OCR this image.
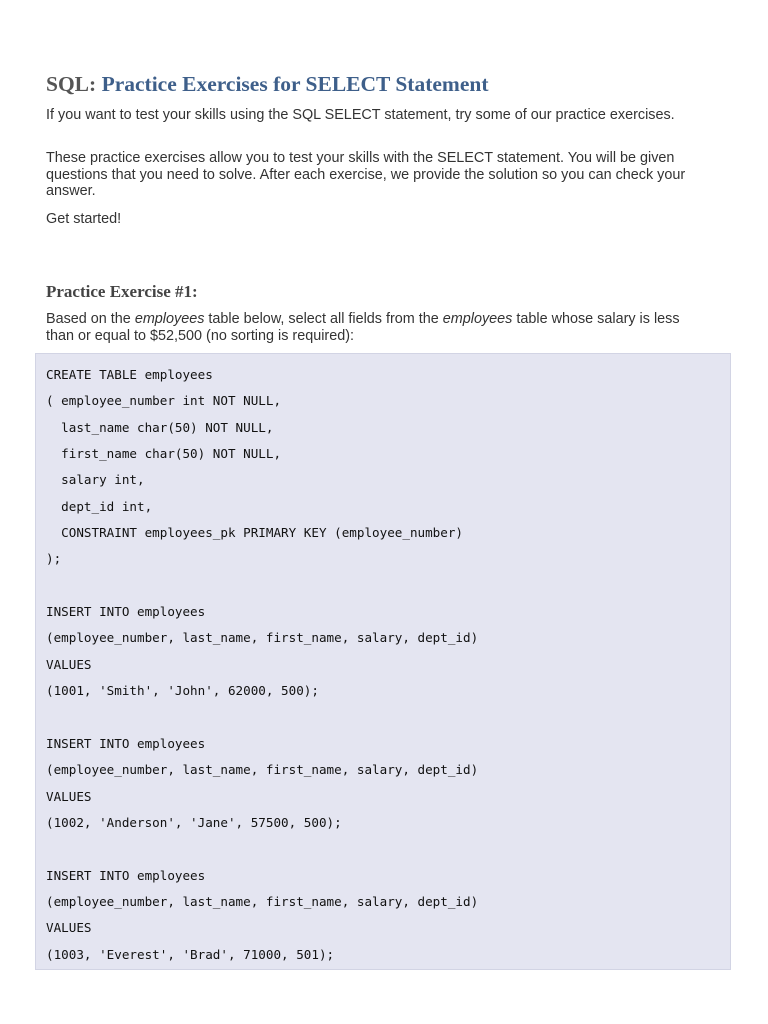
SQL: Practice Exercises for SELECT Statement

If you want to test your skills using the SQL SELECT statement, try some of our practice exercises.

These practice exercises allow you to test your skills with the SELECT statement. You will be given questions that you need to solve. After each exercise, we provide the solution so you can check your answer.

Get started!

Practice Exercise #1:

Based on the employees table below, select all fields from the employees table whose salary is less than or equal to $52,500 (no sorting is required):

CREATE TABLE employees
( employee_number int NOT NULL,
last_name char(50) NOT NULL,
first_name char(50) NOT NULL,
salary int,
dept_id int,
CONSTRAINT employees_pk PRIMARY KEY (employee_number)
);
INSERT INTO employees
(employee_number, last_name, first_name, salary, dept_id)
VALUES
(1001, 'Smith', 'John', 62000, 500);
INSERT INTO employees
(employee_number, last_name, first_name, salary, dept_id)
VALUES
(1002, 'Anderson', 'Jane', 57500, 500);
INSERT INTO employees
(employee_number, last_name, first_name, salary, dept_id)
VALUES
(1003, 'Everest', 'Brad', 71000, 501);
